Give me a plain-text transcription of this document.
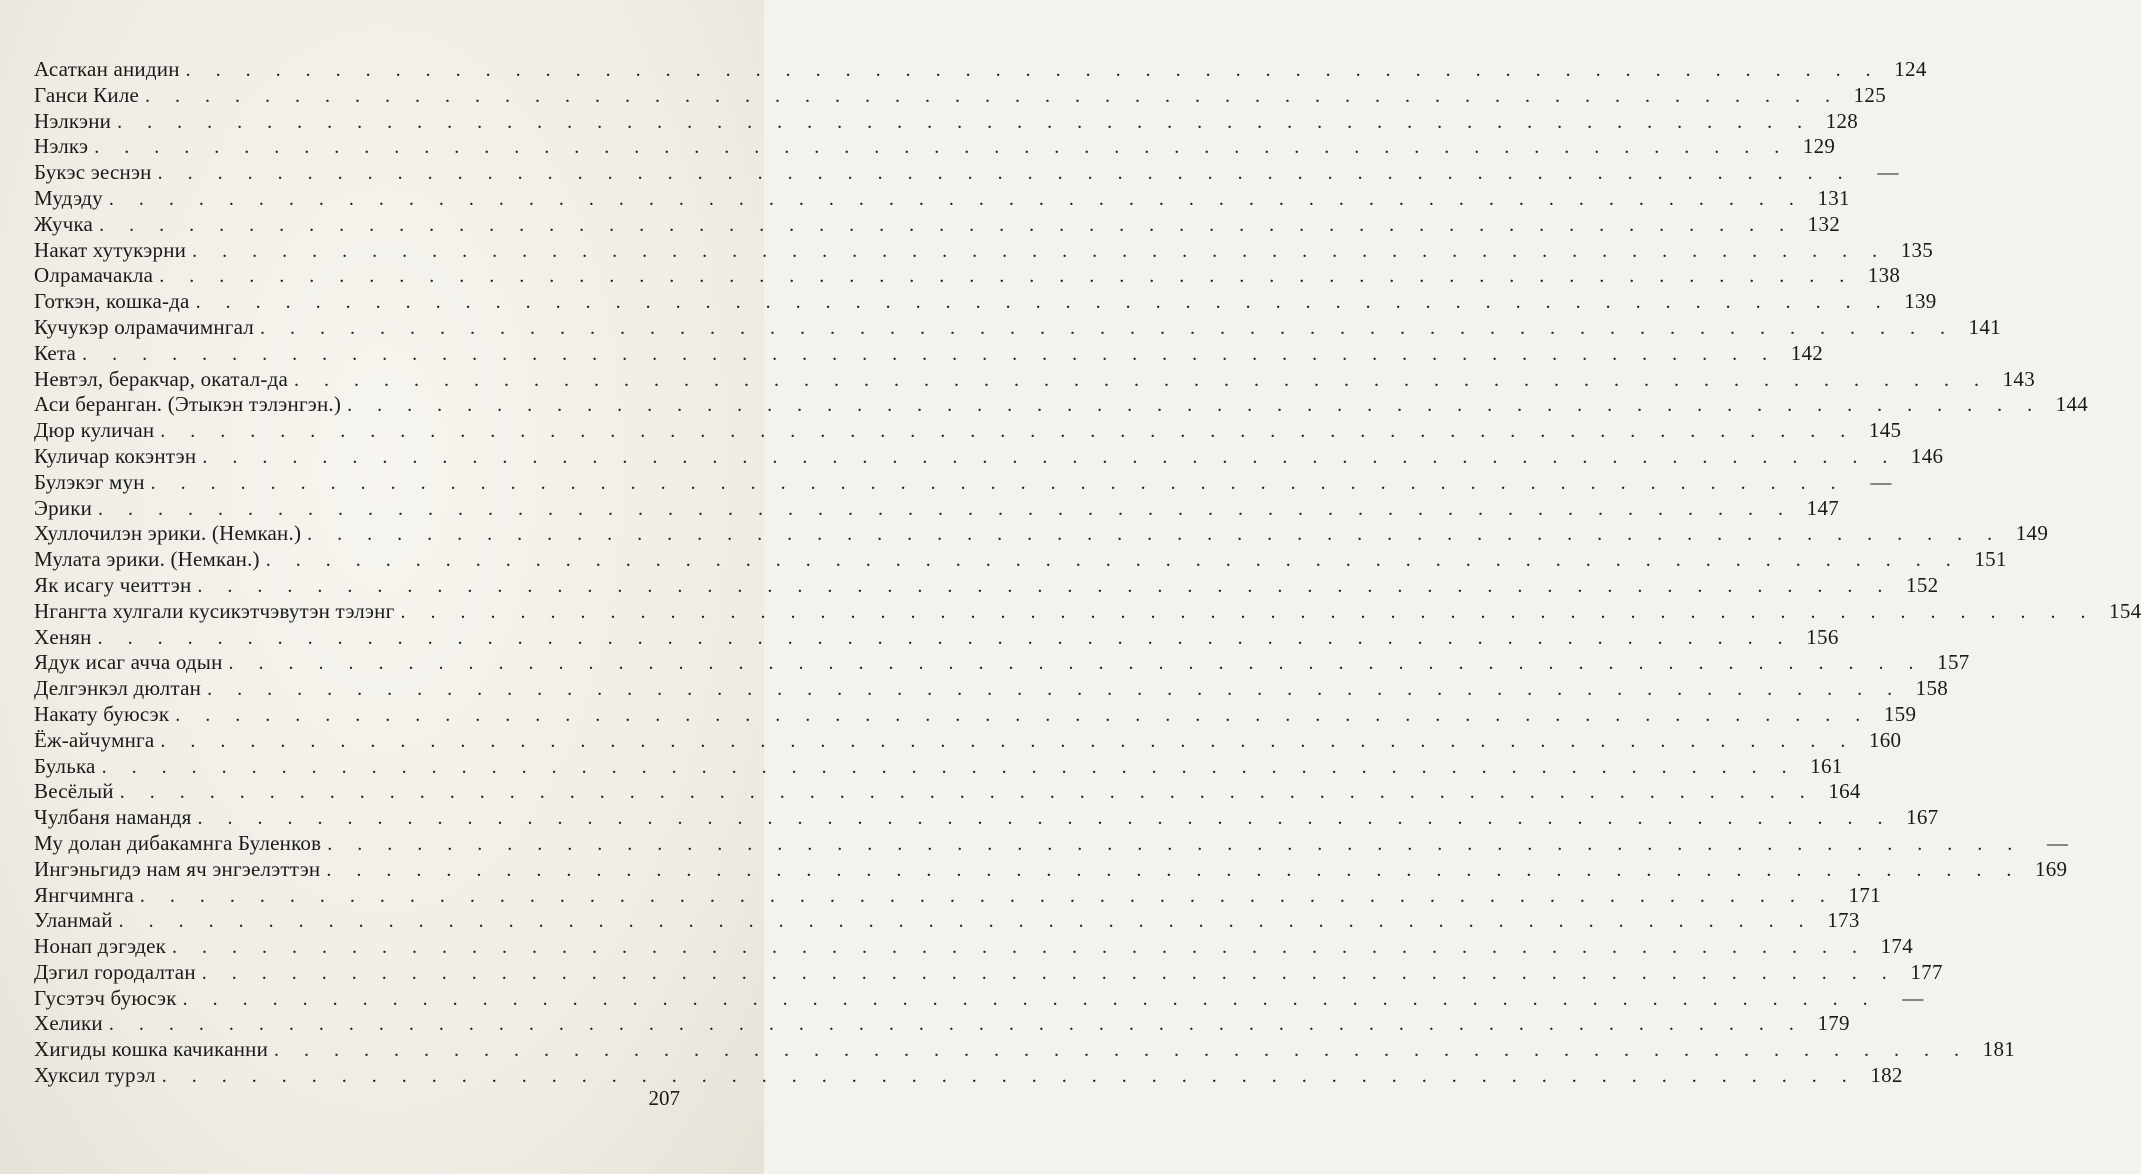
Асаткан анидин . . . . . . . . . . . . . . . . . . . . . . . . . . . . . . . . . . . . . . . . . . . . . . . . . . . . . . . . . 124
Ганси Киле . . . . . . . . . . . . . . . . . . . . . . . . . . . . . . . . . . . . . . . . . . . . . . . . . . . . . . . . . 125
Нэлкэни . . . . . . . . . . . . . . . . . . . . . . . . . . . . . . . . . . . . . . . . . . . . . . . . . . . . . . . . . 128
Нэлкэ . . . . . . . . . . . . . . . . . . . . . . . . . . . . . . . . . . . . . . . . . . . . . . . . . . . . . . . . . 129
Букэс эеснэн . . . . . . . . . . . . . . . . . . . . . . . . . . . . . . . . . . . . . . . . . . . . . . . . . . . . . . . . .	—
Мудэду . . . . . . . . . . . . . . . . . . . . . . . . . . . . . . . . . . . . . . . . . . . . . . . . . . . . . . . . . 131
Жучка . . . . . . . . . . . . . . . . . . . . . . . . . . . . . . . . . . . . . . . . . . . . . . . . . . . . . . . . . 132
Накат хутукэрни . . . . . . . . . . . . . . . . . . . . . . . . . . . . . . . . . . . . . . . . . . . . . . . . . . . . . . . . . 135
Олрамачакла . . . . . . . . . . . . . . . . . . . . . . . . . . . . . . . . . . . . . . . . . . . . . . . . . . . . . . . . . 138
Готкэн, кошка-да . . . . . . . . . . . . . . . . . . . . . . . . . . . . . . . . . . . . . . . . . . . . . . . . . . . . . . . . . 139
Кучукэр олрамачимнгал . . . . . . . . . . . . . . . . . . . . . . . . . . . . . . . . . . . . . . . . . . . . . . . . . . . . . . . . . 141
Кета . . . . . . . . . . . . . . . . . . . . . . . . . . . . . . . . . . . . . . . . . . . . . . . . . . . . . . . . . 142
Невтэл, беракчар, окатал-да . . . . . . . . . . . . . . . . . . . . . . . . . . . . . . . . . . . . . . . . . . . . . . . . . . . . . . . . . 143
Аси беранган. (Этыкэн тэлэнгэн.) . . . . . . . . . . . . . . . . . . . . . . . . . . . . . . . . . . . . . . . . . . . . . . . . . . . . . . . . . 144
Дюр куличан . . . . . . . . . . . . . . . . . . . . . . . . . . . . . . . . . . . . . . . . . . . . . . . . . . . . . . . . . 145
Куличар кокэнтэн . . . . . . . . . . . . . . . . . . . . . . . . . . . . . . . . . . . . . . . . . . . . . . . . . . . . . . . . . 146
Булэкэг мун . . . . . . . . . . . . . . . . . . . . . . . . . . . . . . . . . . . . . . . . . . . . . . . . . . . . . . . . .	—
Эрики . . . . . . . . . . . . . . . . . . . . . . . . . . . . . . . . . . . . . . . . . . . . . . . . . . . . . . . . . 147
Хуллочилэн эрики. (Немкан.) . . . . . . . . . . . . . . . . . . . . . . . . . . . . . . . . . . . . . . . . . . . . . . . . . . . . . . . . . 149
Мулата эрики. (Немкан.) . . . . . . . . . . . . . . . . . . . . . . . . . . . . . . . . . . . . . . . . . . . . . . . . . . . . . . . . . 151
Як исагу чеиттэн . . . . . . . . . . . . . . . . . . . . . . . . . . . . . . . . . . . . . . . . . . . . . . . . . . . . . . . . . 152
Нгангта хулгали кусикэтчэвутэн тэлэнг . . . . . . . . . . . . . . . . . . . . . . . . . . . . . . . . . . . . . . . . . . . . . . . . . . . . . . . . . 154
Хенян . . . . . . . . . . . . . . . . . . . . . . . . . . . . . . . . . . . . . . . . . . . . . . . . . . . . . . . . . 156
Ядук исаг ачча одын . . . . . . . . . . . . . . . . . . . . . . . . . . . . . . . . . . . . . . . . . . . . . . . . . . . . . . . . . 157
Делгэнкэл дюлтан . . . . . . . . . . . . . . . . . . . . . . . . . . . . . . . . . . . . . . . . . . . . . . . . . . . . . . . . . 158
Накату буюсэк . . . . . . . . . . . . . . . . . . . . . . . . . . . . . . . . . . . . . . . . . . . . . . . . . . . . . . . . . 159
Ёж-айчумнга . . . . . . . . . . . . . . . . . . . . . . . . . . . . . . . . . . . . . . . . . . . . . . . . . . . . . . . . . 160
Булька . . . . . . . . . . . . . . . . . . . . . . . . . . . . . . . . . . . . . . . . . . . . . . . . . . . . . . . . . 161
Весёлый . . . . . . . . . . . . . . . . . . . . . . . . . . . . . . . . . . . . . . . . . . . . . . . . . . . . . . . . . 164
Чулбаня намандя . . . . . . . . . . . . . . . . . . . . . . . . . . . . . . . . . . . . . . . . . . . . . . . . . . . . . . . . . 167
Му долан дибакамнга Буленков . . . . . . . . . . . . . . . . . . . . . . . . . . . . . . . . . . . . . . . . . . . . . . . . . . . . . . . . .	—
Ингэньгидэ нам яч энгэелэттэн . . . . . . . . . . . . . . . . . . . . . . . . . . . . . . . . . . . . . . . . . . . . . . . . . . . . . . . . . 169
Янгчимнга . . . . . . . . . . . . . . . . . . . . . . . . . . . . . . . . . . . . . . . . . . . . . . . . . . . . . . . . . 171
Уланмай . . . . . . . . . . . . . . . . . . . . . . . . . . . . . . . . . . . . . . . . . . . . . . . . . . . . . . . . . 173
Нонап дэгэдек . . . . . . . . . . . . . . . . . . . . . . . . . . . . . . . . . . . . . . . . . . . . . . . . . . . . . . . . . 174
Дэгил городалтан . . . . . . . . . . . . . . . . . . . . . . . . . . . . . . . . . . . . . . . . . . . . . . . . . . . . . . . . . 177
Гусэтэч буюсэк . . . . . . . . . . . . . . . . . . . . . . . . . . . . . . . . . . . . . . . . . . . . . . . . . . . . . . . . .	—
Хелики . . . . . . . . . . . . . . . . . . . . . . . . . . . . . . . . . . . . . . . . . . . . . . . . . . . . . . . . . 179
Хигиды кошка качиканни . . . . . . . . . . . . . . . . . . . . . . . . . . . . . . . . . . . . . . . . . . . . . . . . . . . . . . . . . 181
Хуксил турэл . . . . . . . . . . . . . . . . . . . . . . . . . . . . . . . . . . . . . . . . . . . . . . . . . . . . . . . . . 182
207
